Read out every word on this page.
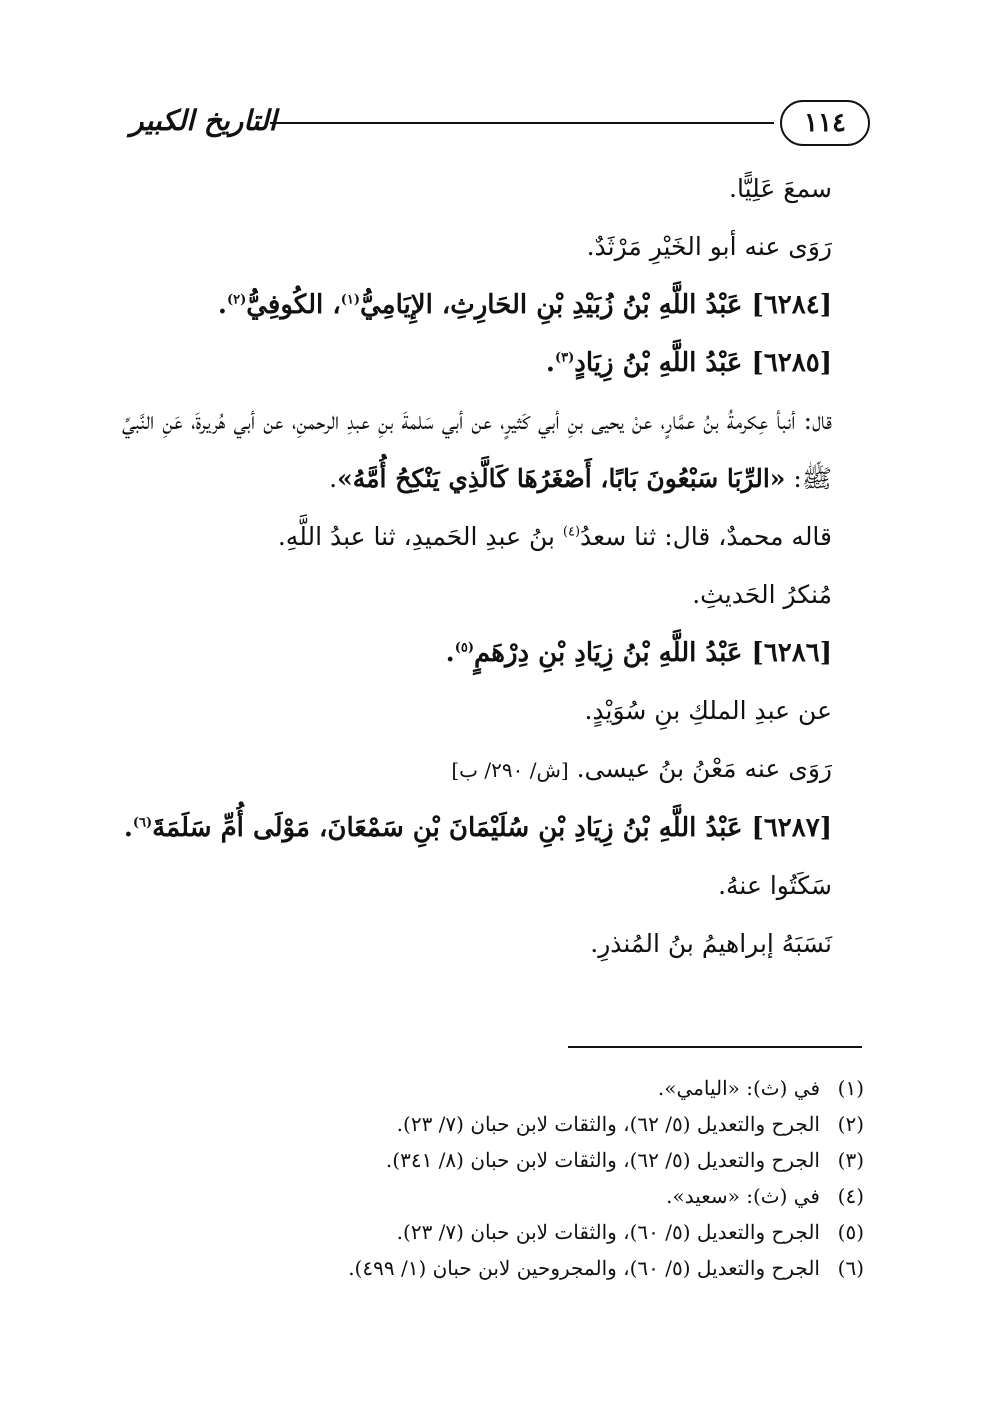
١١٤
التاريخ الكبير
سمعَ عَلِيًّا.
رَوَى عنه أبو الخَيْرِ مَرْثَدٌ.
[٦٢٨٤] عَبْدُ اللَّهِ بْنُ زُبَيْدِ بْنِ الحَارِثِ، الإِيَامِيُّ$^{(١)}$، الكُوفِيُّ$^{(٢)}$.
[٦٢٨٥] عَبْدُ اللَّهِ بْنُ زِيَادٍ$^{(٣)}$.
قال: أنبأ عِكرمةُ بنُ عمَّارٍ، عنْ يحيى بنِ أبي كَثيرٍ، عن أبي سَلمةَ بنِ عبدِ الرحمنِ، عن أبي هُريرةَ، عَنِ النَّبيِّ ﷺ: «الرِّبَا سَبْعُونَ بَابًا، أَصْغَرُهَا كَالَّذِي يَنْكِحُ أُمَّهُ».
قاله محمدٌ، قال: ثنا سعدُ$^{(٤)}$ بنُ عبدِ الحَميدِ، ثنا عبدُ اللَّهِ.
مُنكرُ الحَديثِ.
[٦٢٨٦] عَبْدُ اللَّهِ بْنُ زِيَادِ بْنِ دِرْهَمٍ$^{(٥)}$.
عن عبدِ الملكِ بنِ سُوَيْدٍ.
رَوَى عنه مَعْنُ بنُ عيسى. [ش/ ٢٩٠/ ب]
[٦٢٨٧] عَبْدُ اللَّهِ بْنُ زِيَادِ بْنِ سُلَيْمَانَ بْنِ سَمْعَانَ، مَوْلَى أُمِّ سَلَمَةَ$^{(٦)}$.
سَكَتُوا عنهُ.
نَسَبَهُ إبراهيمُ بنُ المُنذرِ.
(١)في (ث): «اليامي».
(٢)الجرح والتعديل (٥/ ٦٢)، والثقات لابن حبان (٧/ ٢٣).
(٣)الجرح والتعديل (٥/ ٦٢)، والثقات لابن حبان (٨/ ٣٤١).
(٤)في (ث): «سعيد».
(٥)الجرح والتعديل (٥/ ٦٠)، والثقات لابن حبان (٧/ ٢٣).
(٦)الجرح والتعديل (٥/ ٦٠)، والمجروحين لابن حبان (١/ ٤٩٩).
